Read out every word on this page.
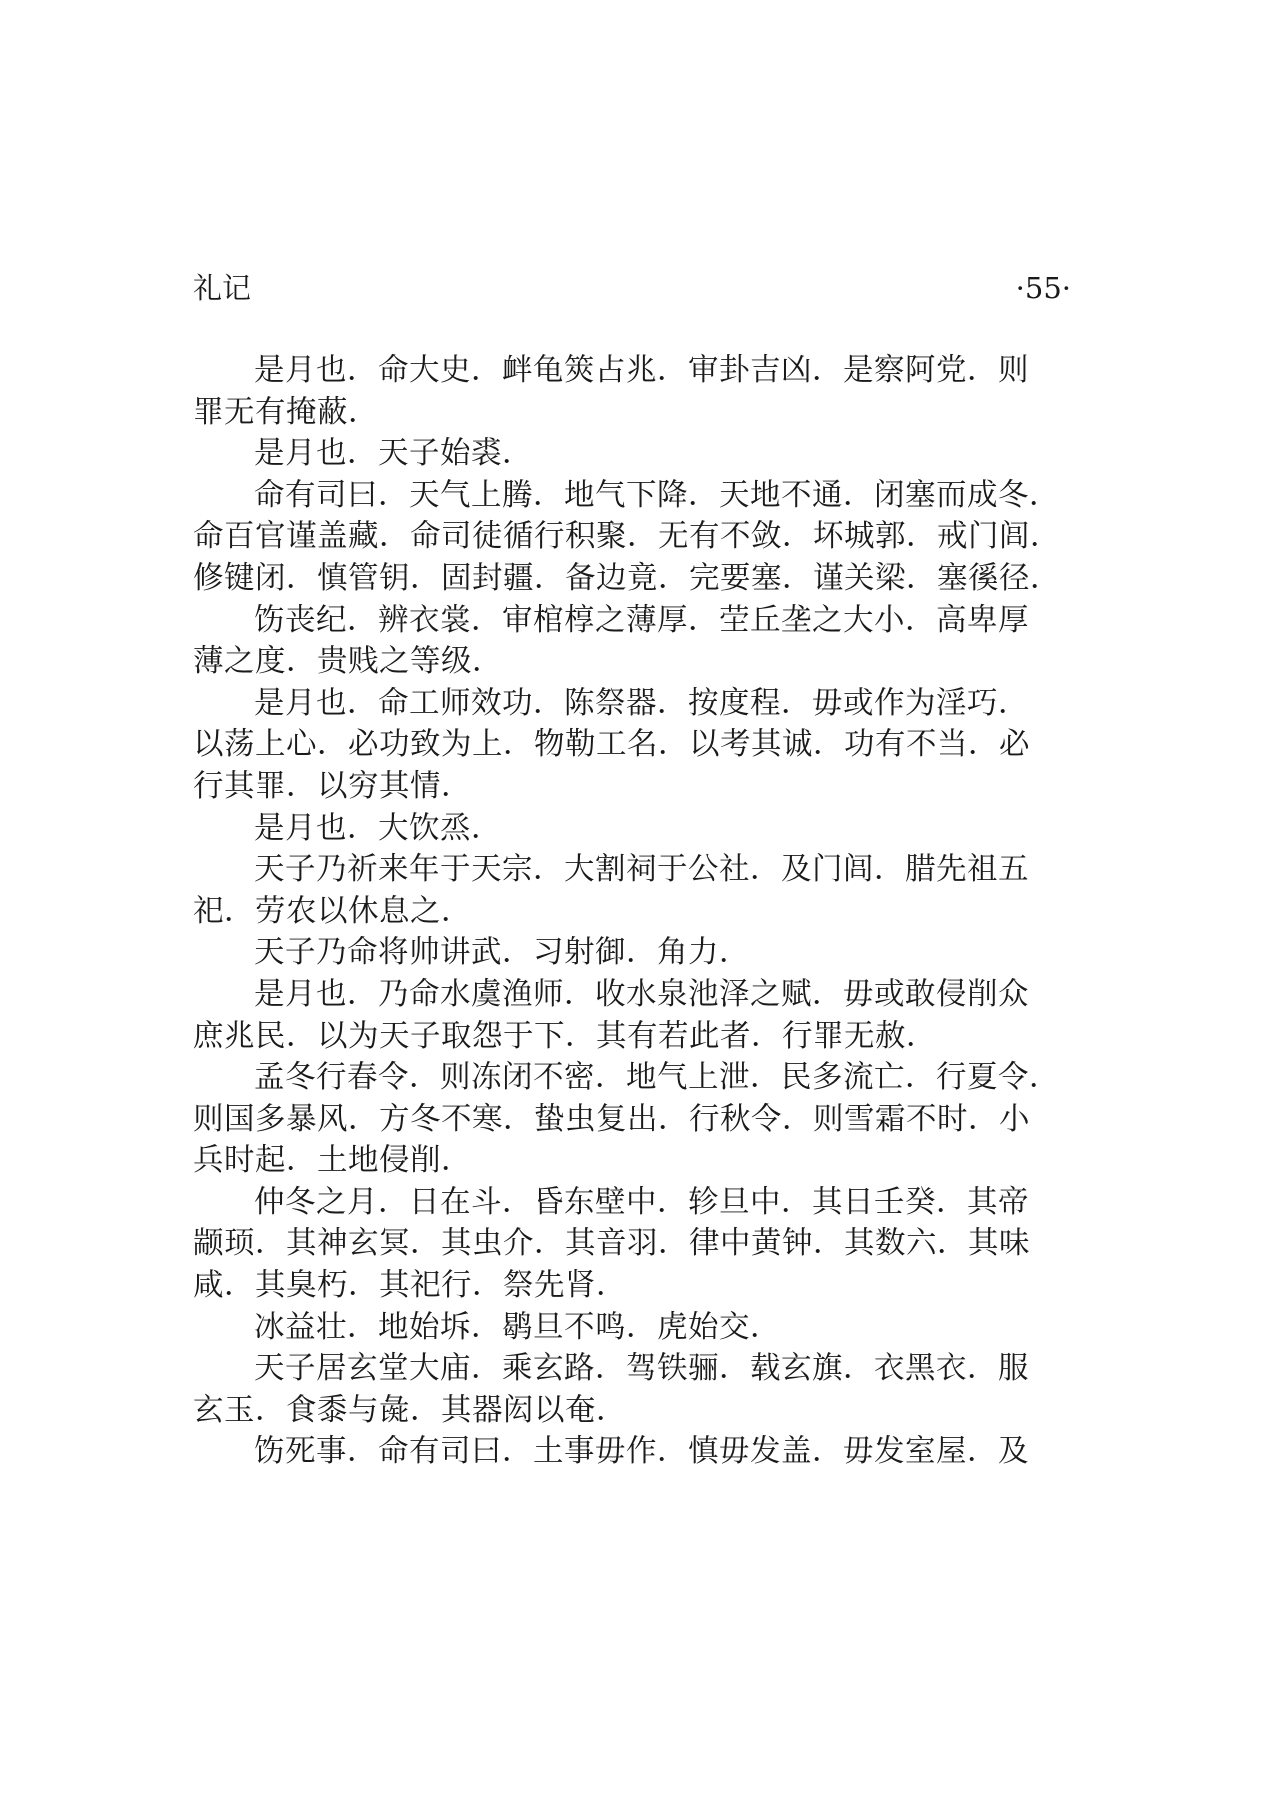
礼记	·55·

是月也．命大史．衅龟筴占兆．审卦吉凶．是察阿党．则
罪无有掩蔽．

是月也．天子始裘．

命有司曰．天气上腾．地气下降．天地不通．闭塞而成冬．
命百官谨盖藏．命司徒循行积聚．无有不敛．坏城郭．戒门闾．
修键闭．慎管钥．固封疆．备边竟．完要塞．谨关梁．塞徯径．

饬丧纪．辨衣裳．审棺椁之薄厚．茔丘垄之大小．高卑厚
薄之度．贵贱之等级．

是月也．命工师效功．陈祭器．按度程．毋或作为淫巧．
以荡上心．必功致为上．物勒工名．以考其诚．功有不当．必
行其罪．以穷其情．

是月也．大饮烝．

天子乃祈来年于天宗．大割祠于公社．及门闾．腊先祖五
祀．劳农以休息之．

天子乃命将帅讲武．习射御．角力．

是月也．乃命水虞渔师．收水泉池泽之赋．毋或敢侵削众
庶兆民．以为天子取怨于下．其有若此者．行罪无赦．

孟冬行春令．则冻闭不密．地气上泄．民多流亡．行夏令．
则国多暴风．方冬不寒．蛰虫复出．行秋令．则雪霜不时．小
兵时起．土地侵削．

仲冬之月．日在斗．昏东壁中．轸旦中．其日壬癸．其帝
颛顼．其神玄冥．其虫介．其音羽．律中黄钟．其数六．其味
咸．其臭朽．其祀行．祭先肾．

冰益壮．地始坼．鹖旦不鸣．虎始交．

天子居玄堂大庙．乘玄路．驾铁骊．载玄旗．衣黑衣．服
玄玉．食黍与彘．其器闳以奄．

饬死事．命有司曰．土事毋作．慎毋发盖．毋发室屋．及
